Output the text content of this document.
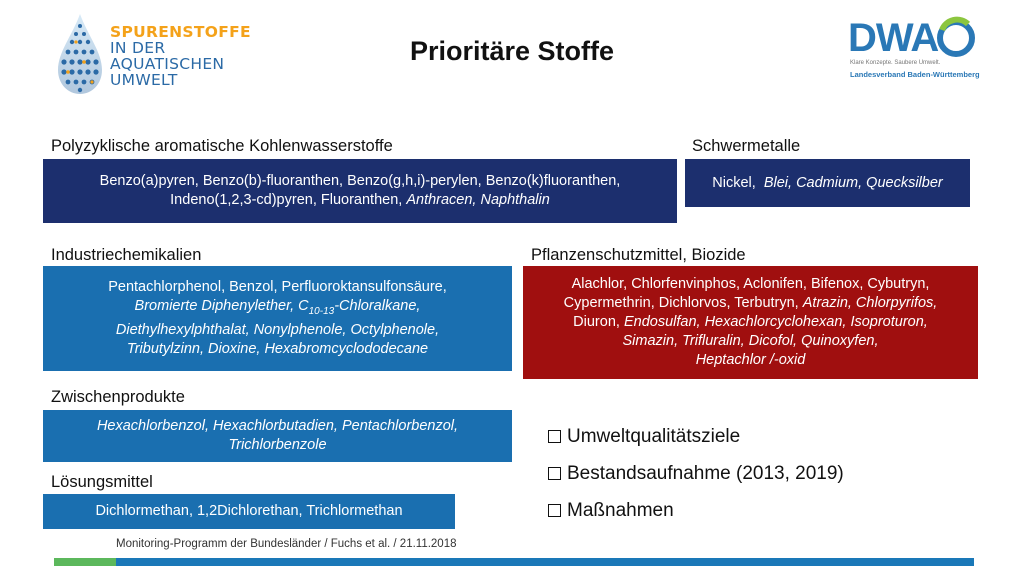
SPURENSTOFFE
IN DER
AQUATISCHEN
UMWELT
Prioritäre Stoffe	DWA
Klare Konzepte. Saubere Umwelt.
Landesverband Baden-Württemberg
Polyzyklische aromatische Kohlenwasserstoffe
Benzo(a)pyren, Benzo(b)-fluoranthen, Benzo(g,h,i)-perylen, Benzo(k)fluoranthen,
Indeno(1,2,3-cd)pyren, Fluoranthen, Anthracen, Naphthalin
Schwermetalle
Nickel, Blei, Cadmium, Quecksilber
Industriechemikalien
Pentachlorphenol, Benzol, Perfluoroktansulfonsäure,
Bromierte Diphenylether, $C_{10-13}$-Chloralkane,
Diethylhexylphthalat, Nonylphenole, Octylphenole,
Tributylzinn, Dioxine, Hexabromcyclododecane
Pflanzenschutzmittel, Biozide
Alachlor, Chlorfenvinphos, Aclonifen, Bifenox, Cybutryn,
Cypermethrin, Dichlorvos, Terbutryn, Atrazin, Chlorpyrifos,
Diuron, Endosulfan, Hexachlorcyclohexan, Isoproturon,
Simazin, Trifluralin, Dicofol, Quinoxyfen,
Heptachlor /-oxid
Zwischenprodukte
Hexachlorbenzol, Hexachlorbutadien, Pentachlorbenzol,
Trichlorbenzole
Lösungsmittel
Dichlormethan, 1,2Dichlorethan, Trichlormethan
Umweltqualitätsziele
Bestandsaufnahme (2013, 2019)
Maßnahmen
Monitoring-Programm der Bundesländer / Fuchs et al. / 21.11.2018
